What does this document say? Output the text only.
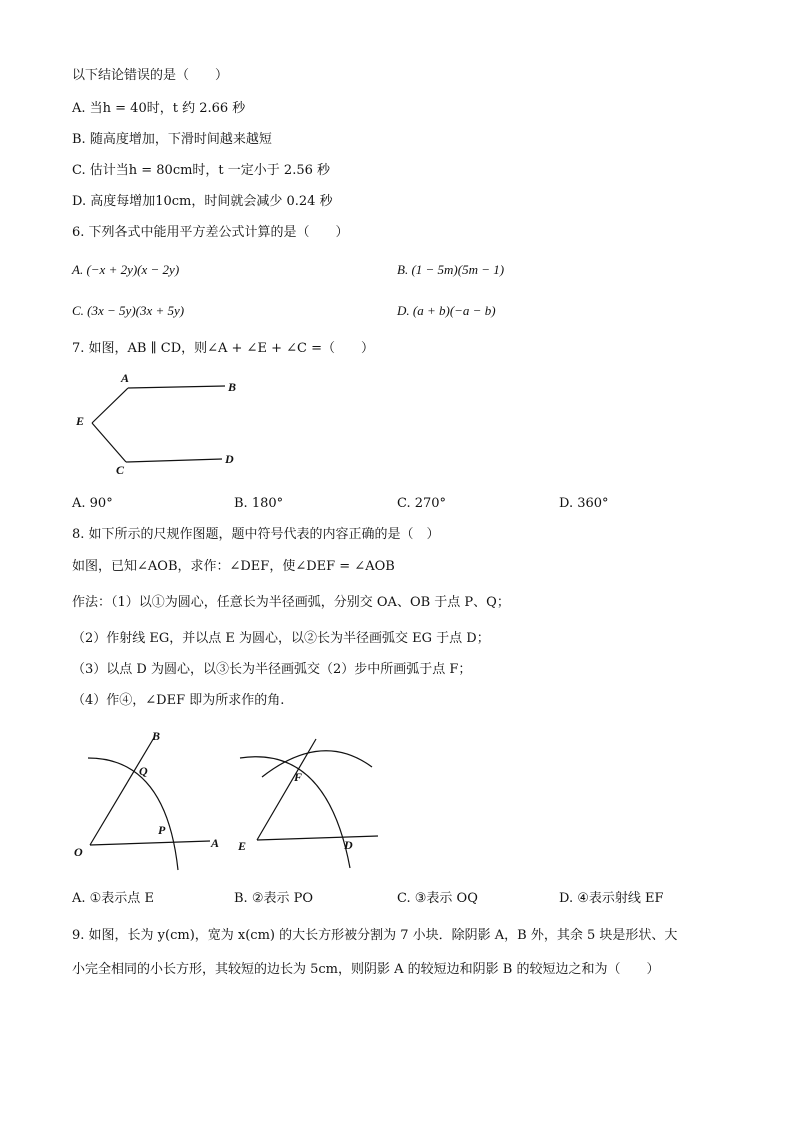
以下结论错误的是（　　）
A. 当h = 40时，t 约 2.66 秒
B. 随高度增加，下滑时间越来越短
C. 估计当h = 80cm时，t 一定小于 2.56 秒
D. 高度每增加10cm，时间就会减少 0.24 秒
6. 下列各式中能用平方差公式计算的是（　　）
A. (−x + 2y)(x − 2y)	B. (1 − 5m)(5m − 1)
C. (3x − 5y)(3x + 5y)	D. (a + b)(−a − b)
7. 如图，AB ∥ CD，则∠A + ∠E + ∠C =（　　）
A
B
E
C
D
A. 90°	B. 180°	C. 270°	D. 360°
8. 如下所示的尺规作图题，题中符号代表的内容正确的是（　）
如图，已知∠AOB，求作：∠DEF，使∠DEF = ∠AOB
作法：（1）以①为圆心，任意长为半径画弧，分别交 OA、OB 于点 P、Q；
（2）作射线 EG，并以点 E 为圆心，以②长为半径画弧交 EG 于点 D；
（3）以点 D 为圆心，以③长为半径画弧交（2）步中所画弧于点 F；
（4）作④，∠DEF 即为所求作的角.
B
Q
P
O
A
F
E	D
A. ①表示点 E	B. ②表示 PO	C. ③表示 OQ	D. ④表示射线 EF
9. 如图，长为 y(cm)，宽为 x(cm) 的大长方形被分割为 7 小块．除阴影 A，B 外，其余 5 块是形状、大
小完全相同的小长方形，其较短的边长为 5cm，则阴影 A 的较短边和阴影 B 的较短边之和为（　　）
